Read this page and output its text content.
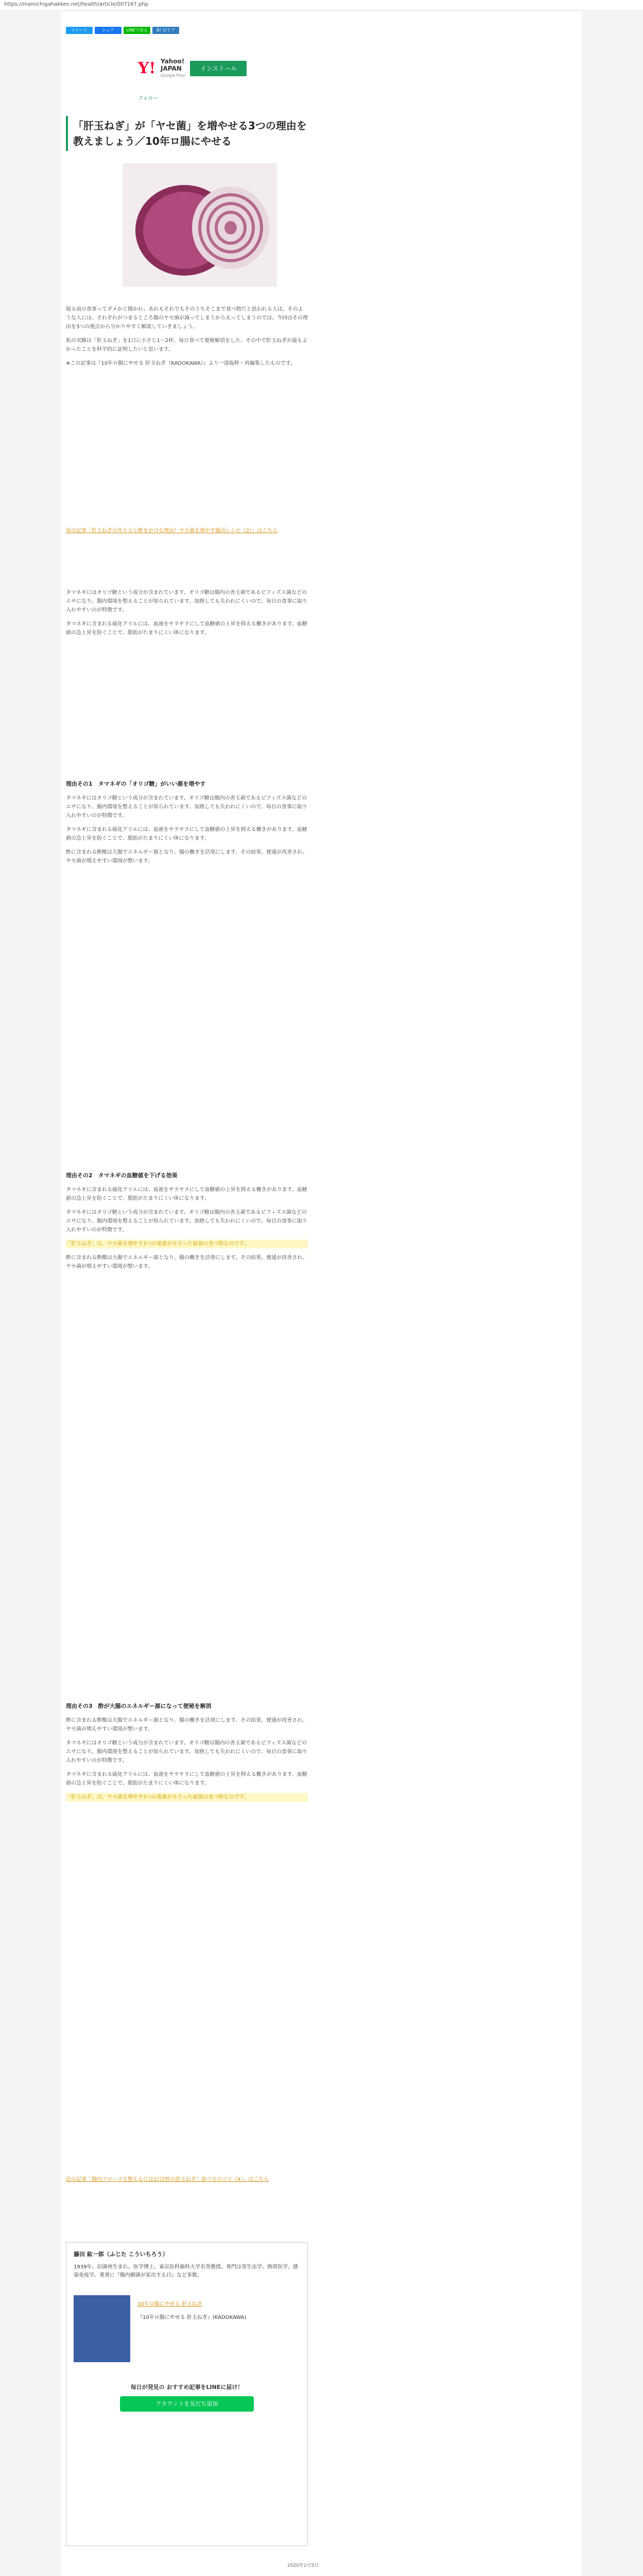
https://mainichigahakken.net/health/article/007167.php
ツイート	シェア	LINEで送る	B! はてブ
Y! Yahoo!
JAPAN
Google Play
インストール
フォロー
「肝玉ねぎ」が「ヤセ菌」を増やせる3つの理由を教えましょう／10年ロ腸にやせる

寝る前の食事ってダメかと聞かれ、あれもそれでもそのうちそこまで食べ物だと思われる人は。そのような人には、それぞれがつまるところ腸のヤセ菌が減ってしまうから太ってしまうのでは。今回はその理由を3つの視点から分かりやすく解説していきましょう。

私の実験は「肝玉ねぎ」を1日に小さじ1〜2杯。毎日食べて便秘解消をした、その中で肝玉ねぎが最もよかったことを科学的に証明したいと思います。

※この記事は『10年ロ腸にやせる 肝玉ねぎ（KADOKAWA）』より一部抜粋・再編集したものです。

前の記事「肝玉ねぎの作り方と酢をかける理由！ヤセ菌を増やす腸活レシピ（2）」はこちら

タマネギにはオリゴ糖という成分が含まれています。オリゴ糖は腸内の善玉菌であるビフィズス菌などのエサになり、腸内環境を整えることが知られています。加熱しても失われにくいので、毎日の食事に取り入れやすいのが特徴です。

タマネギに含まれる硫化アリルには、血液をサラサラにして血糖値の上昇を抑える働きがあります。血糖値の急上昇を防ぐことで、脂肪がたまりにくい体になります。

理由その1　タマネギの「オリゴ糖」がいい菌を増やす

タマネギにはオリゴ糖という成分が含まれています。オリゴ糖は腸内の善玉菌であるビフィズス菌などのエサになり、腸内環境を整えることが知られています。加熱しても失われにくいので、毎日の食事に取り入れやすいのが特徴です。

タマネギに含まれる硫化アリルには、血液をサラサラにして血糖値の上昇を抑える働きがあります。血糖値の急上昇を防ぐことで、脂肪がたまりにくい体になります。

酢に含まれる酢酸は大腸でエネルギー源となり、腸の働きを活発にします。その結果、便通が改善され、ヤセ菌が増えやすい環境が整います。

理由その2　タマネギの血糖値を下げる効果

タマネギに含まれる硫化アリルには、血液をサラサラにして血糖値の上昇を抑える働きがあります。血糖値の急上昇を防ぐことで、脂肪がたまりにくい体になります。

タマネギにはオリゴ糖という成分が含まれています。オリゴ糖は腸内の善玉菌であるビフィズス菌などのエサになり、腸内環境を整えることが知られています。加熱しても失われにくいので、毎日の食事に取り入れやすいのが特徴です。

「肝玉ねぎ」は、ヤセ菌を増やす3つの要素がそろった最強の食べ物なのです。

酢に含まれる酢酸は大腸でエネルギー源となり、腸の働きを活発にします。その結果、便通が改善され、ヤセ菌が増えやすい環境が整います。

理由その3　酢が大腸のエネルギー源になって便秘を解消

酢に含まれる酢酸は大腸でエネルギー源となり、腸の働きを活発にします。その結果、便通が改善され、ヤセ菌が増えやすい環境が整います。

タマネギにはオリゴ糖という成分が含まれています。オリゴ糖は腸内の善玉菌であるビフィズス菌などのエサになり、腸内環境を整えることが知られています。加熱しても失われにくいので、毎日の食事に取り入れやすいのが特徴です。

タマネギに含まれる硫化アリルには、血液をサラサラにして血糖値の上昇を抑える働きがあります。血糖値の急上昇を防ぐことで、脂肪がたまりにくい体になります。

「肝玉ねぎ」は、ヤセ菌を増やす3つの要素がそろった最強の食べ物なのです。

次の記事「腸内フローラを整えるには1日2杯の肝玉ねぎ！食べ方のコツ（4）」はこちら

藤田 紘一郎（ふじた こういちろう）

1939年、旧満州生まれ。医学博士。東京医科歯科大学名誉教授。専門は寄生虫学、熱帯医学、感染免疫学。著書に『腸内細菌が家出する日』など多数。

10年ロ腸にやせる 肝玉ねぎ

『10年ロ腸にやせる 肝玉ねぎ』(KADOKAWA)

毎日が発見の おすすめ記事をLINEに届け！
アカウントを友だち追加
2020年2月5日
